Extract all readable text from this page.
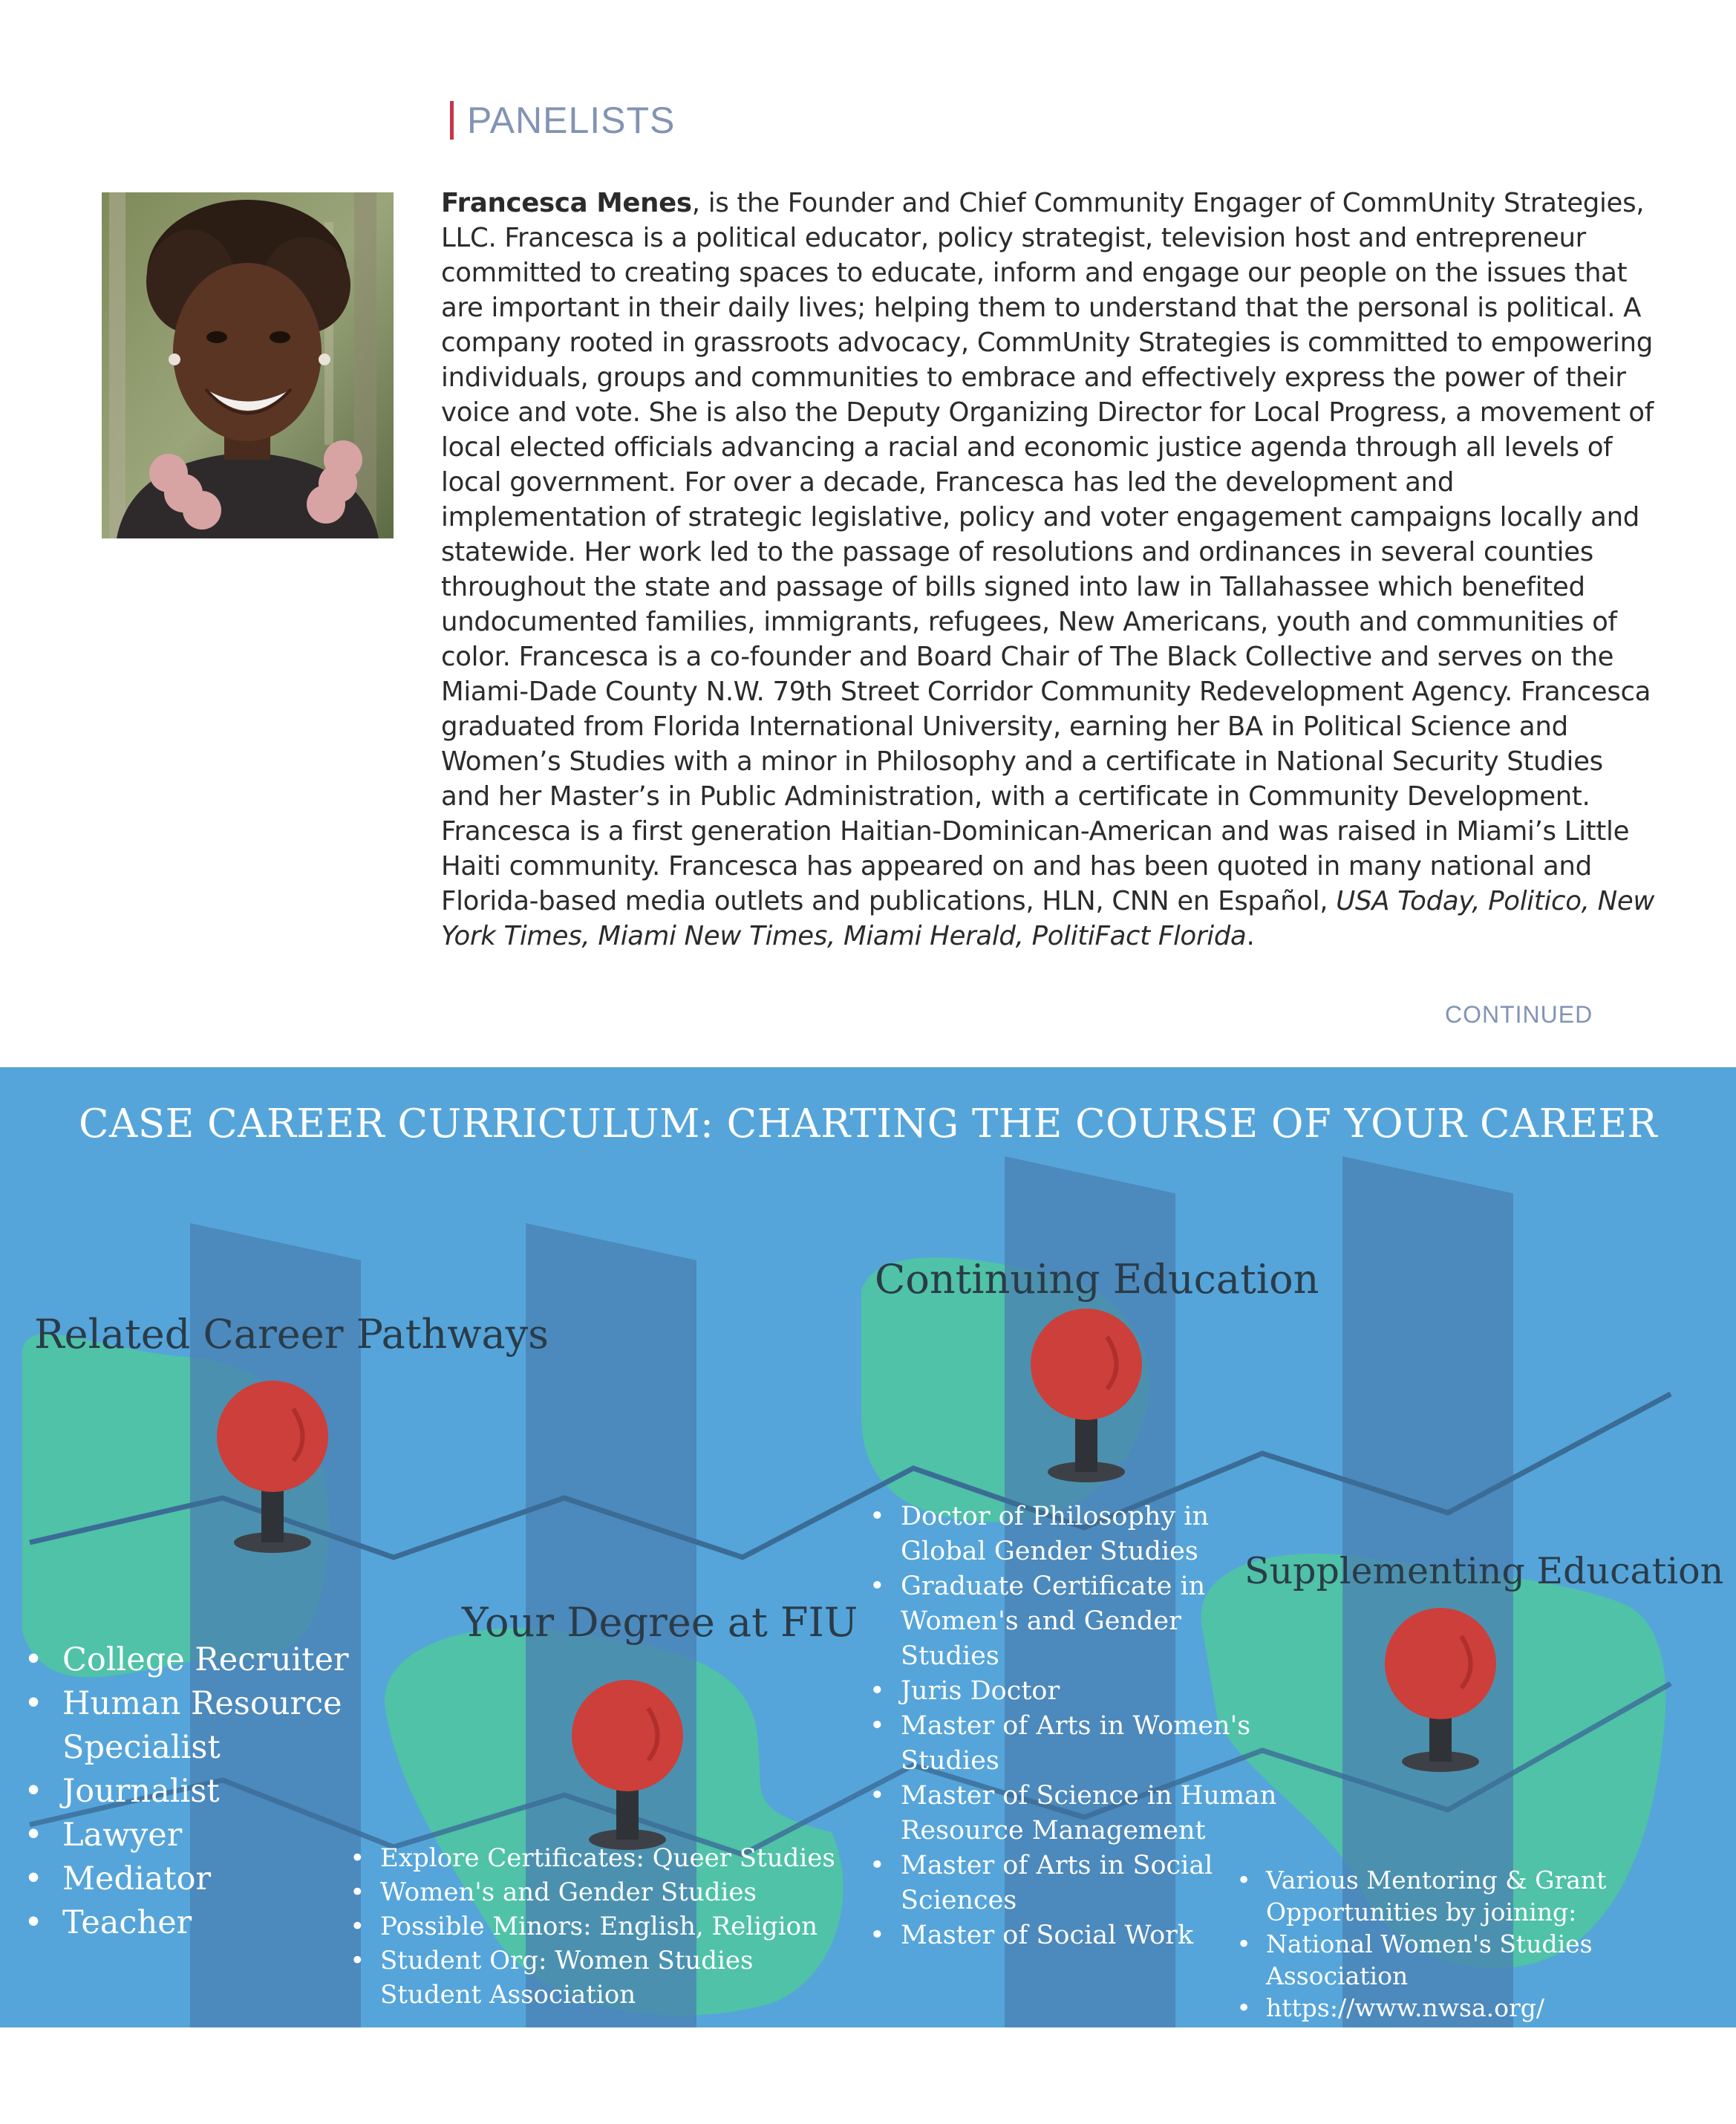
PANELISTS
Francesca Menes, is the Founder and Chief Community Engager of CommUnity Strategies, LLC. Francesca is a political educator, policy strategist, television host and entrepreneur committed to creating spaces to educate, inform and engage our people on the issues that are important in their daily lives; helping them to understand that the personal is political. A company rooted in grassroots advocacy, CommUnity Strategies is committed to empowering individuals, groups and communities to embrace and effectively express the power of their voice and vote. She is also the Deputy Organizing Director for Local Progress, a movement of local elected officials advancing a racial and economic justice agenda through all levels of local government. For over a decade, Francesca has led the development and implementation of strategic legislative, policy and voter engagement campaigns locally and statewide. Her work led to the passage of resolutions and ordinances in several counties throughout the state and passage of bills signed into law in Tallahassee which benefited undocumented families, immigrants, refugees, New Americans, youth and communities of color. Francesca is a co-founder and Board Chair of The Black Collective and serves on the Miami-Dade County N.W. 79th Street Corridor Community Redevelopment Agency. Francesca graduated from Florida International University, earning her BA in Political Science and Women’s Studies with a minor in Philosophy and a certificate in National Security Studies and her Master’s in Public Administration, with a certificate in Community Development. Francesca is a first generation Haitian-Dominican-American and was raised in Miami’s Little Haiti community. Francesca has appeared on and has been quoted in many national and Florida-based media outlets and publications, HLN, CNN en Español, USA Today, Politico, New York Times, Miami New Times, Miami Herald, PolitiFact Florida.
CONTINUED
CASE CAREER CURRICULUM: CHARTING THE COURSE OF YOUR CAREER
Related Career Pathways
Your Degree at FIU
Continuing Education
Supplementing Education
• College Recruiter
• Human Resource Specialist
• Journalist
• Lawyer
• Mediator
• Teacher
• Explore Certificates: Queer Studies
• Women's and Gender Studies
• Possible Minors: English, Religion
• Student Org: Women Studies Student Association
• Doctor of Philosophy in Global Gender Studies
• Graduate Certificate in Women's and Gender Studies
• Juris Doctor
• Master of Arts in Women's Studies
• Master of Science in Human Resource Management
• Master of Arts in Social Sciences
• Master of Social Work
• Various Mentoring & Grant Opportunities by joining:
• National Women's Studies Association
• https://www.nwsa.org/
